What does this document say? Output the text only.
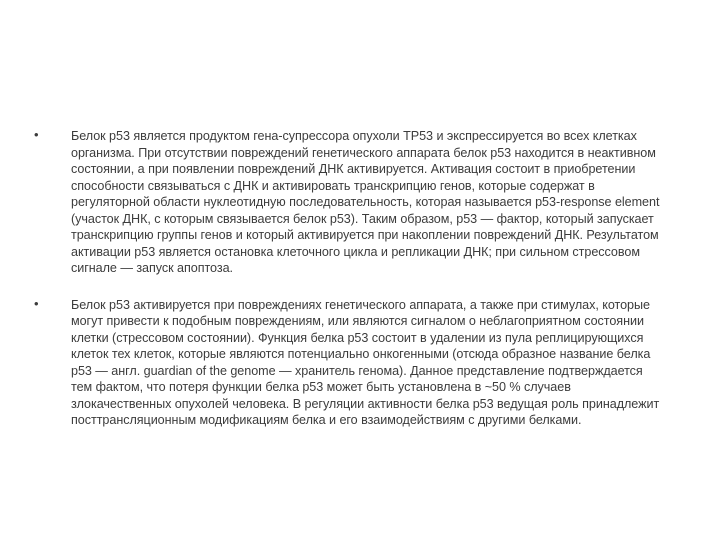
•	Белок p53 является продуктом гена-супрессора опухоли TP53 и экспрессируется во всех клетках организма. При отсутствии повреждений генетического аппарата белок p53 находится в неактивном состоянии, а при появлении повреждений ДНК активируется. Активация состоит в приобретении способности связываться с ДНК и активировать транскрипцию генов, которые содержат в регуляторной области нуклеотидную последовательность, которая называется p53-response element (участок ДНК, с которым связывается белок p53). Таким образом, p53 — фактор, который запускает транскрипцию группы генов и который активируется при накоплении повреждений ДНК. Результатом активации p53 является остановка клеточного цикла и репликации ДНК; при сильном стрессовом сигнале — запуск апоптоза.
•	Белок p53 активируется при повреждениях генетического аппарата, а также при стимулах, которые могут привести к подобным повреждениям, или являются сигналом о неблагоприятном состоянии клетки (стрессовом состоянии). Функция белка p53 состоит в удалении из пула реплицирующихся клеток тех клеток, которые являются потенциально онкогенными (отсюда образное название белка p53 — англ. guardian of the genome — хранитель генома). Данное представление подтверждается тем фактом, что потеря функции белка p53 может быть установлена в ~50 % случаев злокачественных опухолей человека. В регуляции активности белка p53 ведущая роль принадлежит посттрансляционным модификациям белка и его взаимодействиям с другими белками.
